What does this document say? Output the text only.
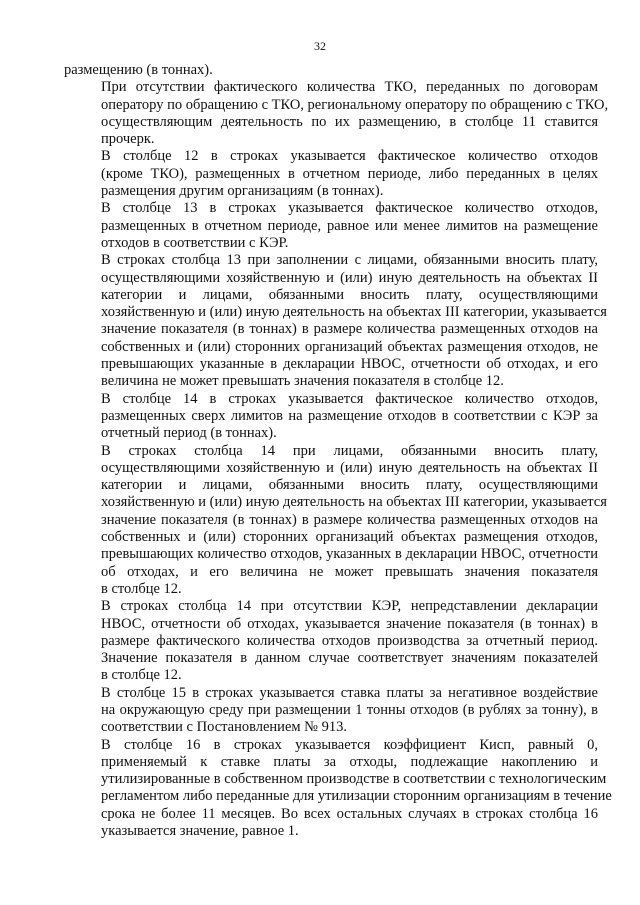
32

размещению (в тоннах).

При отсутствии фактического количества ТКО, переданных по договорам
оператору по обращению с ТКО, региональному оператору по обращению с ТКО,
осуществляющим деятельность по их размещению, в столбце 11 ставится
прочерк.

В столбце 12 в строках указывается фактическое количество отходов
(кроме ТКО), размещенных в отчетном периоде, либо переданных в целях
размещения другим организациям (в тоннах).

В столбце 13 в строках указывается фактическое количество отходов,
размещенных в отчетном периоде, равное или менее лимитов на размещение
отходов в соответствии с КЭР.

В строках столбца 13 при заполнении с лицами, обязанными вносить плату,
осуществляющими хозяйственную и (или) иную деятельность на объектах II
категории и лицами, обязанными вносить плату, осуществляющими
хозяйственную и (или) иную деятельность на объектах III категории, указывается
значение показателя (в тоннах) в размере количества размещенных отходов на
собственных и (или) сторонних организаций объектах размещения отходов, не
превышающих указанные в декларации НВОС, отчетности об отходах, и его
величина не может превышать значения показателя в столбце 12.

В столбце 14 в строках указывается фактическое количество отходов,
размещенных сверх лимитов на размещение отходов в соответствии с КЭР за
отчетный период (в тоннах).

В строках столбца 14 при лицами, обязанными вносить плату,
осуществляющими хозяйственную и (или) иную деятельность на объектах II
категории и лицами, обязанными вносить плату, осуществляющими
хозяйственную и (или) иную деятельность на объектах III категории, указывается
значение показателя (в тоннах) в размере количества размещенных отходов на
собственных и (или) сторонних организаций объектах размещения отходов,
превышающих количество отходов, указанных в декларации НВОС, отчетности
об отходах, и его величина не может превышать значения показателя
в столбце 12.

В строках столбца 14 при отсутствии КЭР, непредставлении декларации
НВОС, отчетности об отходах, указывается значение показателя (в тоннах) в
размере фактического количества отходов производства за отчетный период.
Значение показателя в данном случае соответствует значениям показателей
в столбце 12.

В столбце 15 в строках указывается ставка платы за негативное воздействие
на окружающую среду при размещении 1 тонны отходов (в рублях за тонну), в
соответствии с Постановлением № 913.

В столбце 16 в строках указывается коэффициент Кисп, равный 0,
применяемый к ставке платы за отходы, подлежащие накоплению и
утилизированные в собственном производстве в соответствии с технологическим
регламентом либо переданные для утилизации сторонним организациям в течение
срока не более 11 месяцев. Во всех остальных случаях в строках столбца 16
указывается значение, равное 1.
